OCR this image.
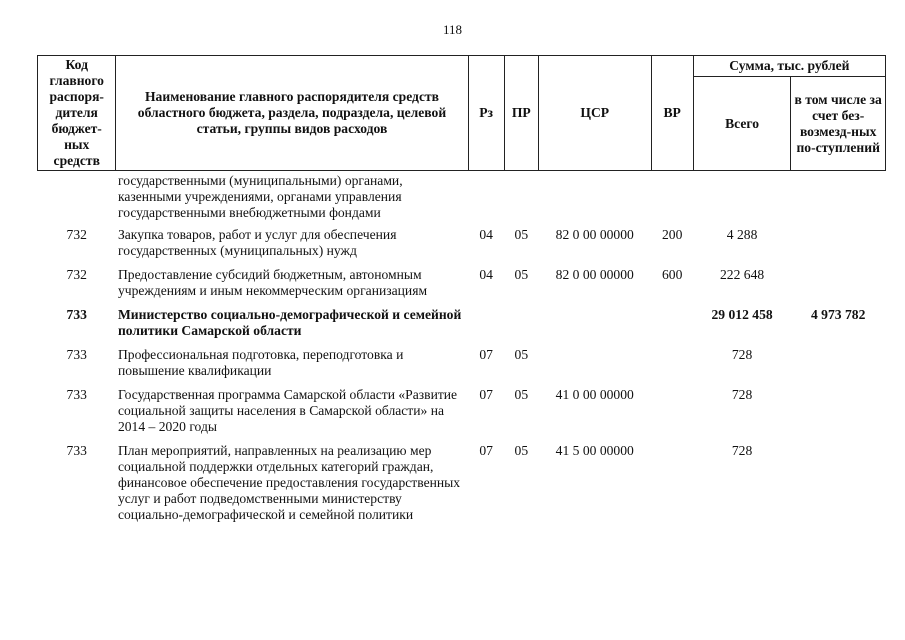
118
Код главного распоря-дителя бюджет-ных средств	Наименование главного распорядителя средств областного бюджета, раздела, подраздела, целевой статьи, группы видов расходов	Рз	ПР	ЦСР	ВР	Сумма, тыс. рублей	
						Всего	в том числе за счет без-возмезд-ных по-ступлений
	государственными (муниципальными) органами, казенными учреждениями, органами управления государственными внебюджетными фондами						
732	Закупка товаров, работ и услуг для обеспечения государственных (муниципальных) нужд	04	05	82 0 00 00000	200	4 288	
732	Предоставление субсидий бюджетным, автономным учреждениям и иным некоммерческим организациям	04	05	82 0 00 00000	600	222 648	
733	Министерство социально-демографической и семейной политики Самарской области					29 012 458	4 973 782
733	Профессиональная подготовка, переподготовка и повышение квалификации	07	05			728	
733	Государственная программа Самарской области «Развитие социальной защиты населения в Самарской области» на 2014 – 2020 годы	07	05	41 0 00 00000		728	
733	План мероприятий, направленных на реализацию мер социальной поддержки отдельных категорий граждан, финансовое обеспечение предоставления государственных услуг и работ подведомственными министерству социально-демографической и семейной политики	07	05	41 5 00 00000		728	
